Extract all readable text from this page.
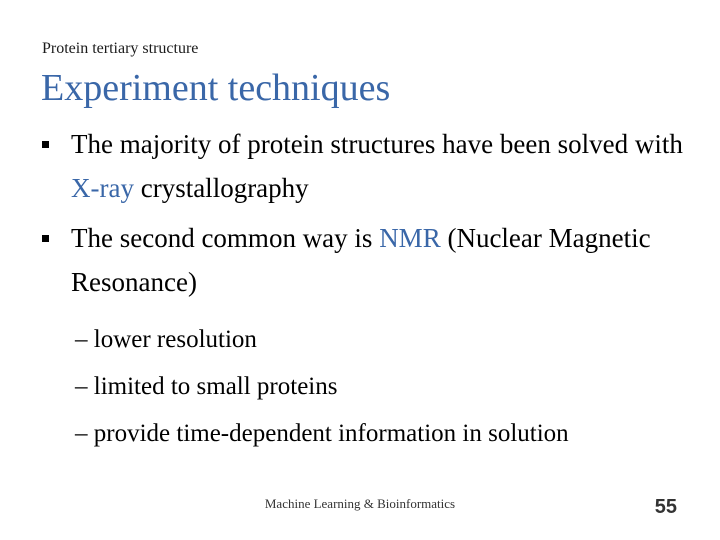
Protein tertiary structure
Experiment techniques
The majority of protein structures have been solved with X-ray crystallography
The second common way is NMR (Nuclear Magnetic Resonance)
– lower resolution
– limited to small proteins
– provide time-dependent information in solution
Machine Learning & Bioinformatics	55
